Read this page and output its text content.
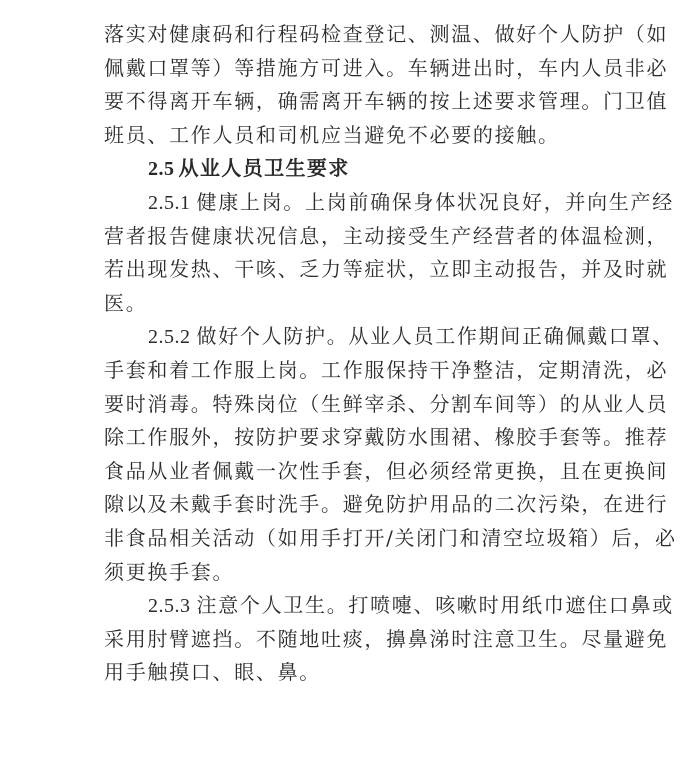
落实对健康码和行程码检查登记、测温、做好个人防护（如
佩戴口罩等）等措施方可进入。车辆进出时，车内人员非必
要不得离开车辆，确需离开车辆的按上述要求管理。门卫值
班员、工作人员和司机应当避免不必要的接触。
2.5 从业人员卫生要求
2.5.1 健康上岗。上岗前确保身体状况良好，并向生产经
营者报告健康状况信息，主动接受生产经营者的体温检测，
若出现发热、干咳、乏力等症状，立即主动报告，并及时就
医。
2.5.2 做好个人防护。从业人员工作期间正确佩戴口罩、
手套和着工作服上岗。工作服保持干净整洁，定期清洗，必
要时消毒。特殊岗位（生鲜宰杀、分割车间等）的从业人员
除工作服外，按防护要求穿戴防水围裙、橡胶手套等。推荐
食品从业者佩戴一次性手套，但必须经常更换，且在更换间
隙以及未戴手套时洗手。避免防护用品的二次污染，在进行
非食品相关活动（如用手打开/关闭门和清空垃圾箱）后，必
须更换手套。
2.5.3 注意个人卫生。打喷嚏、咳嗽时用纸巾遮住口鼻或
采用肘臂遮挡。不随地吐痰，擤鼻涕时注意卫生。尽量避免
用手触摸口、眼、鼻。
